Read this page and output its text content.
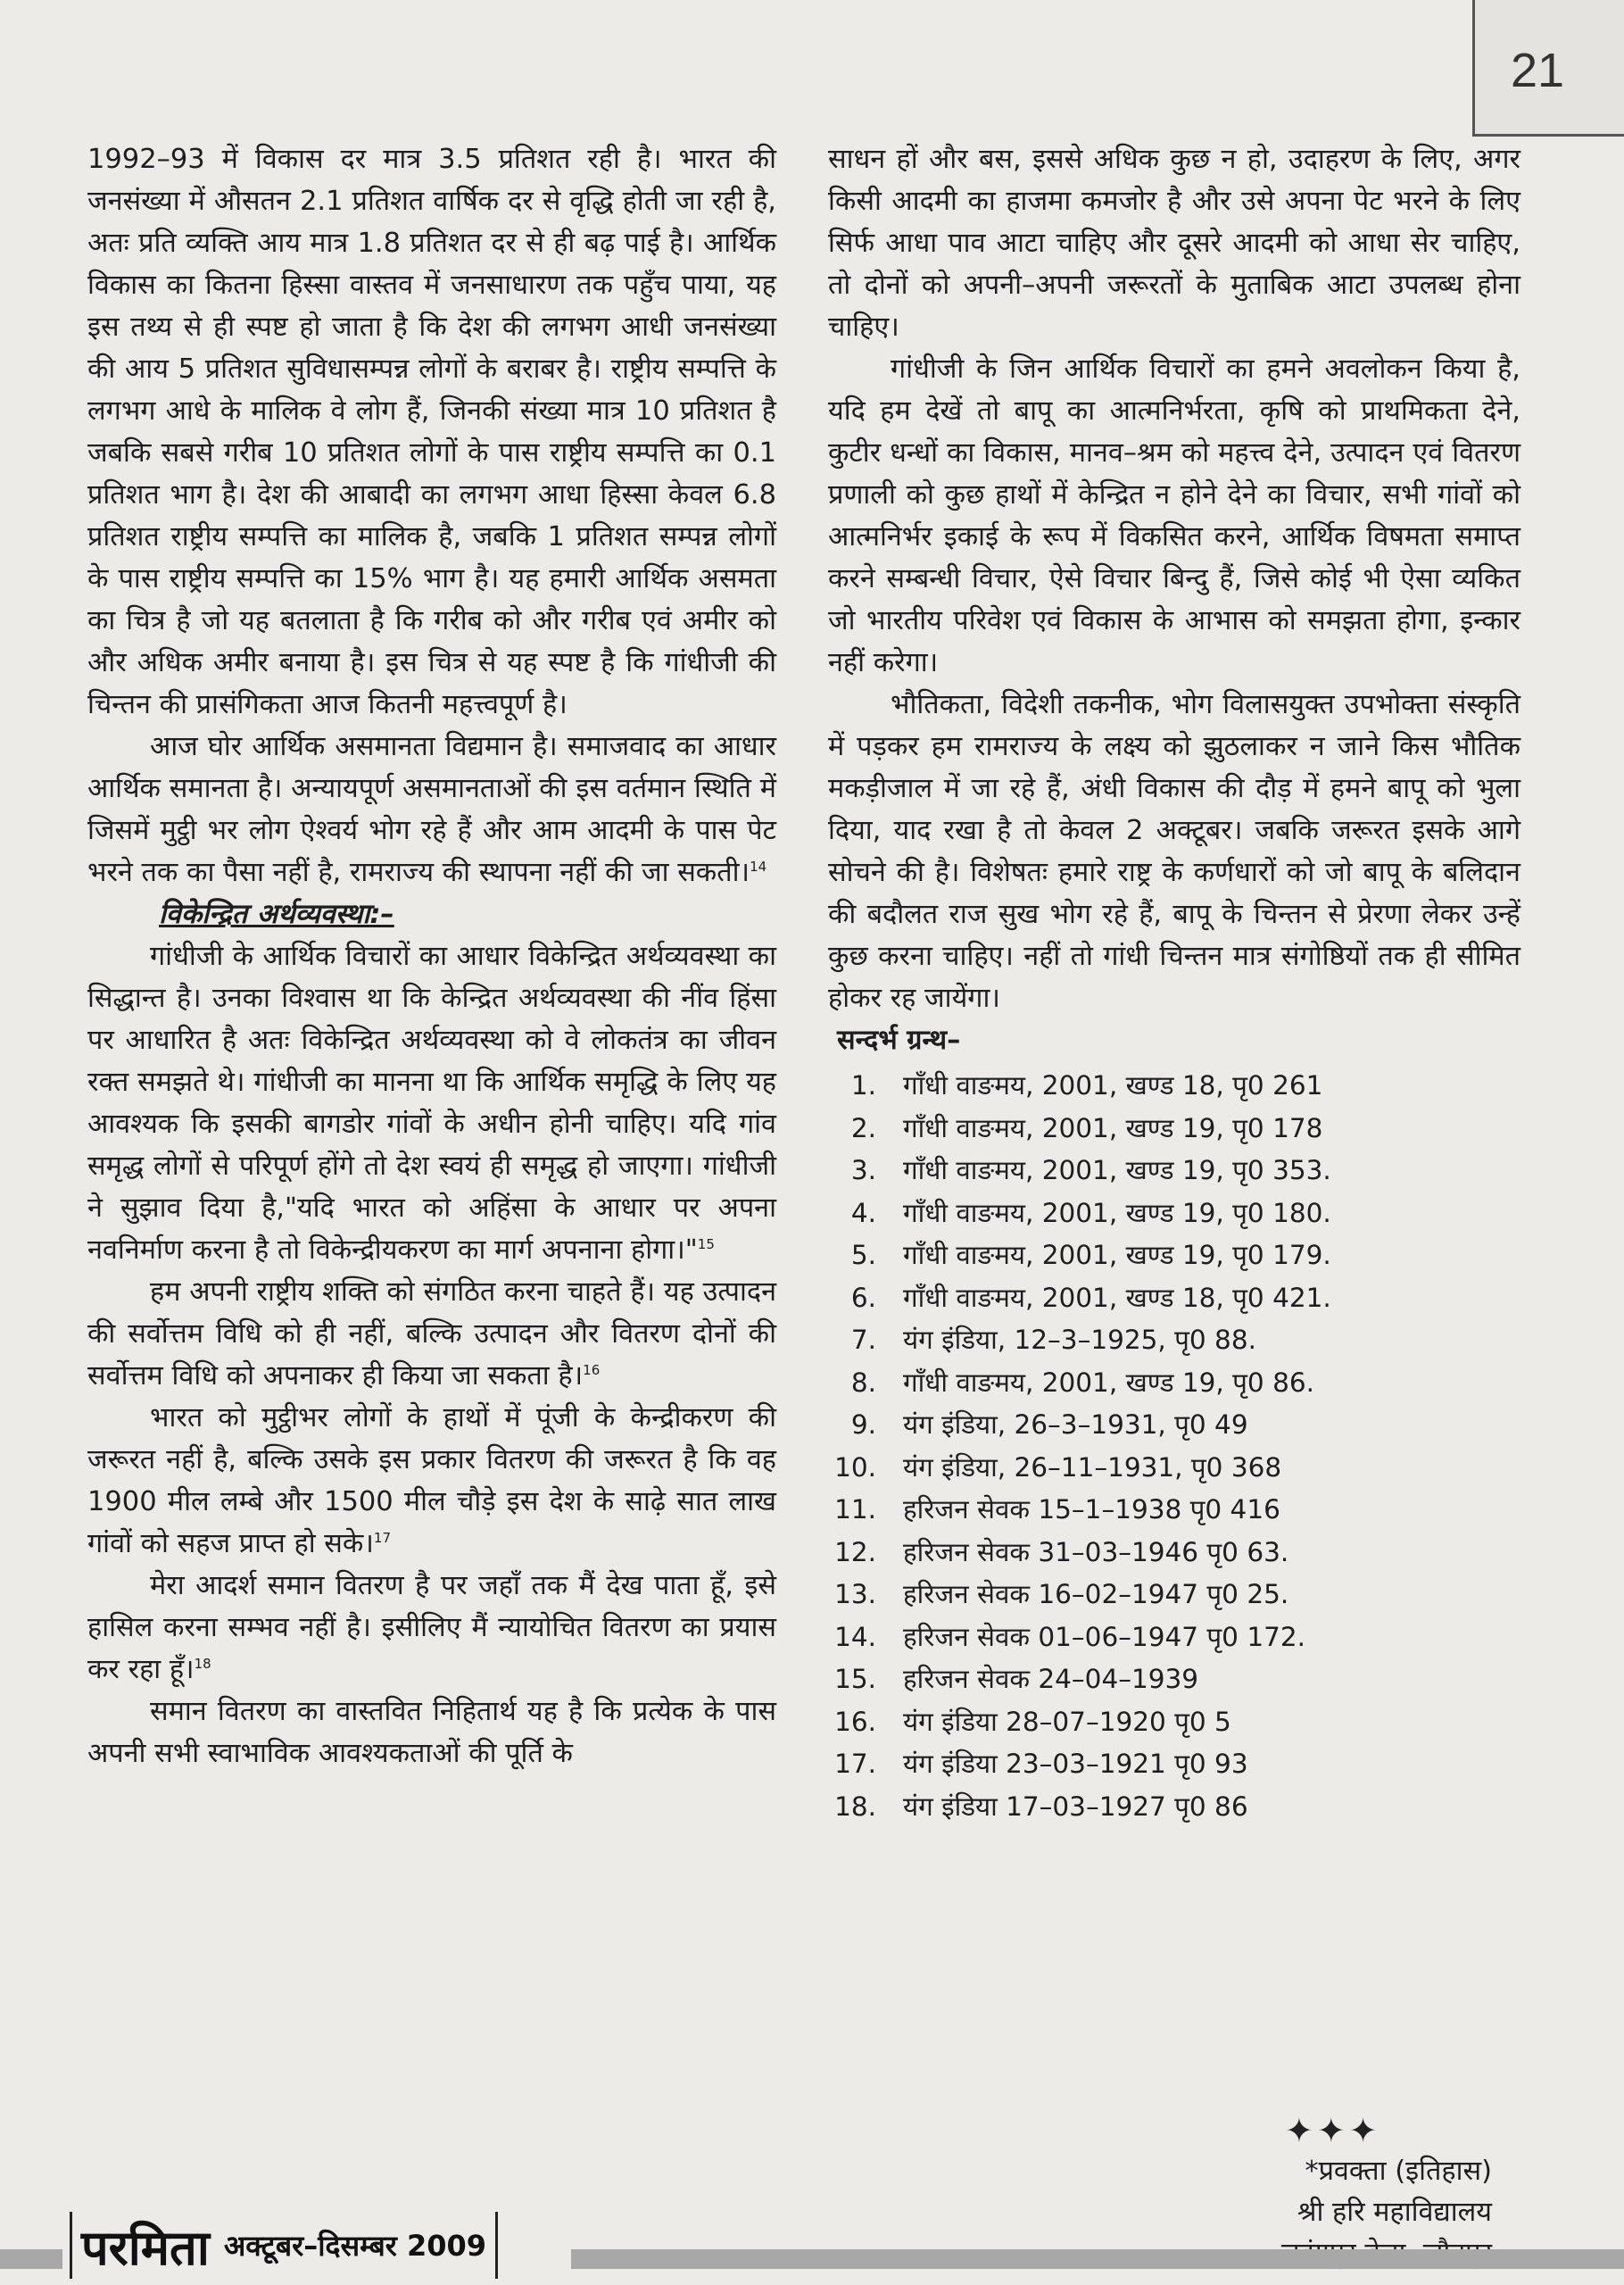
21

1992–93 में विकास दर मात्र 3.5 प्रतिशत रही है। भारत की जनसंख्या में औसतन 2.1 प्रतिशत वार्षिक दर से वृद्धि होती जा रही है, अतः प्रति व्यक्ति आय मात्र 1.8 प्रतिशत दर से ही बढ़ पाई है। आर्थिक विकास का कितना हिस्सा वास्तव में जनसाधारण तक पहुँच पाया, यह इस तथ्य से ही स्पष्ट हो जाता है कि देश की लगभग आधी जनसंख्या की आय 5 प्रतिशत सुविधासम्पन्न लोगों के बराबर है। राष्ट्रीय सम्पत्ति के लगभग आधे के मालिक वे लोग हैं, जिनकी संख्या मात्र 10 प्रतिशत है जबकि सबसे गरीब 10 प्रतिशत लोगों के पास राष्ट्रीय सम्पत्ति का 0.1 प्रतिशत भाग है। देश की आबादी का लगभग आधा हिस्सा केवल 6.8 प्रतिशत राष्ट्रीय सम्पत्ति का मालिक है, जबकि 1 प्रतिशत सम्पन्न लोगों के पास राष्ट्रीय सम्पत्ति का 15% भाग है। यह हमारी आर्थिक असमता का चित्र है जो यह बतलाता है कि गरीब को और गरीब एवं अमीर को और अधिक अमीर बनाया है। इस चित्र से यह स्पष्ट है कि गांधीजी की चिन्तन की प्रासंगिकता आज कितनी महत्त्वपूर्ण है।

आज घोर आर्थिक असमानता विद्यमान है। समाजवाद का आधार आर्थिक समानता है। अन्यायपूर्ण असमानताओं की इस वर्तमान स्थिति में जिसमें मुट्ठी भर लोग ऐश्वर्य भोग रहे हैं और आम आदमी के पास पेट भरने तक का पैसा नहीं है, रामराज्य की स्थापना नहीं की जा सकती।$^{14}$

विकेन्द्रित अर्थव्यवस्था:–

गांधीजी के आर्थिक विचारों का आधार विकेन्द्रित अर्थव्यवस्था का सिद्धान्त है। उनका विश्वास था कि केन्द्रित अर्थव्यवस्था की नींव हिंसा पर आधारित है अतः विकेन्द्रित अर्थव्यवस्था को वे लोकतंत्र का जीवन रक्त समझते थे। गांधीजी का मानना था कि आर्थिक समृद्धि के लिए यह आवश्यक कि इसकी बागडोर गांवों के अधीन होनी चाहिए। यदि गांव समृद्ध लोगों से परिपूर्ण होंगे तो देश स्वयं ही समृद्ध हो जाएगा। गांधीजी ने सुझाव दिया है,"यदि भारत को अहिंसा के आधार पर अपना नवनिर्माण करना है तो विकेन्द्रीयकरण का मार्ग अपनाना होगा।"$^{15}$

हम अपनी राष्ट्रीय शक्ति को संगठित करना चाहते हैं। यह उत्पादन की सर्वोत्तम विधि को ही नहीं, बल्कि उत्पादन और वितरण दोनों की सर्वोत्तम विधि को अपनाकर ही किया जा सकता है।$^{16}$

भारत को मुट्ठीभर लोगों के हाथों में पूंजी के केन्द्रीकरण की जरूरत नहीं है, बल्कि उसके इस प्रकार वितरण की जरूरत है कि वह 1900 मील लम्बे और 1500 मील चौड़े इस देश के साढ़े सात लाख गांवों को सहज प्राप्त हो सके।$^{17}$

मेरा आदर्श समान वितरण है पर जहाँ तक मैं देख पाता हूँ, इसे हासिल करना सम्भव नहीं है। इसीलिए मैं न्यायोचित वितरण का प्रयास कर रहा हूँ।$^{18}$

समान वितरण का वास्तवित निहितार्थ यह है कि प्रत्येक के पास अपनी सभी स्वाभाविक आवश्यकताओं की पूर्ति के

साधन हों और बस, इससे अधिक कुछ न हो, उदाहरण के लिए, अगर किसी आदमी का हाजमा कमजोर है और उसे अपना पेट भरने के लिए सिर्फ आधा पाव आटा चाहिए और दूसरे आदमी को आधा सेर चाहिए, तो दोनों को अपनी–अपनी जरूरतों के मुताबिक आटा उपलब्ध होना चाहिए।

गांधीजी के जिन आर्थिक विचारों का हमने अवलोकन किया है, यदि हम देखें तो बापू का आत्मनिर्भरता, कृषि को प्राथमिकता देने, कुटीर धन्धों का विकास, मानव–श्रम को महत्त्व देने, उत्पादन एवं वितरण प्रणाली को कुछ हाथों में केन्द्रित न होने देने का विचार, सभी गांवों को आत्मनिर्भर इकाई के रूप में विकसित करने, आर्थिक विषमता समाप्त करने सम्बन्धी विचार, ऐसे विचार बिन्दु हैं, जिसे कोई भी ऐसा व्यकित जो भारतीय परिवेश एवं विकास के आभास को समझता होगा, इन्कार नहीं करेगा।

भौतिकता, विदेशी तकनीक, भोग विलासयुक्त उपभोक्ता संस्कृति में पड़कर हम रामराज्य के लक्ष्य को झुठलाकर न जाने किस भौतिक मकड़ीजाल में जा रहे हैं, अंधी विकास की दौड़ में हमने बापू को भुला दिया, याद रखा है तो केवल 2 अक्टूबर। जबकि जरूरत इसके आगे सोचने की है। विशेषतः हमारे राष्ट्र के कर्णधारों को जो बापू के बलिदान की बदौलत राज सुख भोग रहे हैं, बापू के चिन्तन से प्रेरणा लेकर उन्हें कुछ करना चाहिए। नहीं तो गांधी चिन्तन मात्र संगोष्ठियों तक ही सीमित होकर रह जायेंगा।

सन्दर्भ ग्रन्थ–

1.	गाँधी वाङमय, 2001, खण्ड 18, पृ0 261
2.	गाँधी वाङमय, 2001, खण्ड 19, पृ0 178
3.	गाँधी वाङमय, 2001, खण्ड 19, पृ0 353.
4.	गाँधी वाङमय, 2001, खण्ड 19, पृ0 180.
5.	गाँधी वाङमय, 2001, खण्ड 19, पृ0 179.
6.	गाँधी वाङमय, 2001, खण्ड 18, पृ0 421.
7.	यंग इंडिया, 12–3–1925, पृ0 88.
8.	गाँधी वाङमय, 2001, खण्ड 19, पृ0 86.
9.	यंग इंडिया, 26–3–1931, पृ0 49
10.	यंग इंडिया, 26–11–1931, पृ0 368
11.	हरिजन सेवक 15–1–1938 पृ0 416
12.	हरिजन सेवक 31–03–1946 पृ0 63.
13.	हरिजन सेवक 16–02–1947 पृ0 25.
14.	हरिजन सेवक 01–06–1947 पृ0 172.
15.	हरिजन सेवक 24–04–1939
16.	यंग इंडिया 28–07–1920 पृ0 5
17.	यंग इंडिया 23–03–1921 पृ0 93
18.	यंग इंडिया 17–03–1927 पृ0 86
✦✦✦
*प्रवक्ता (इतिहास)
श्री हरि महाविद्यालय
परमिता अक्टूबर–दिसम्बर 2009
